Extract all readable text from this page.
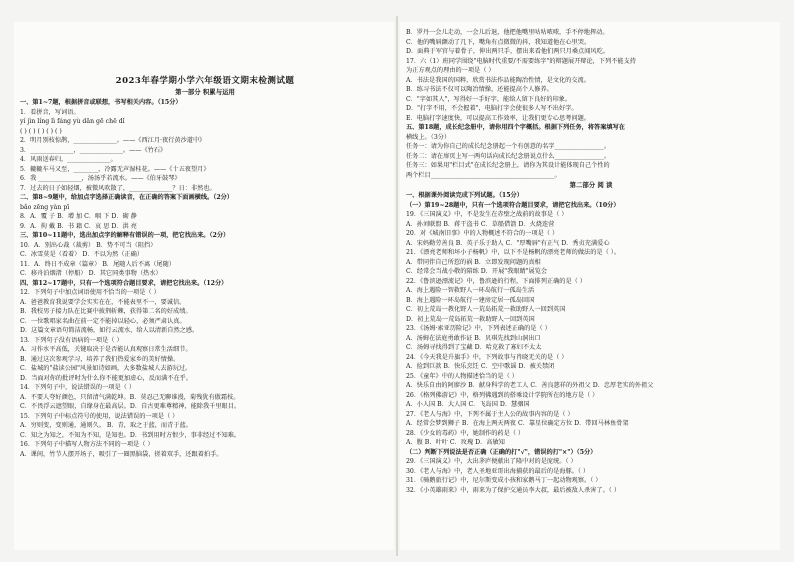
2023年春学期小学六年级语文期末检测试题
第一部分 积累与运用
一、第1~7题，根据拼音或联想，书写相关内容。（15分）
1．看拼音，写词语。
yí jìn líng lì fáng yù dān gē chē dǐ
( ) ( ) ( ) ( ) ( )
2．明月别枝惊鹊，______________。——《西江月·夜行黄沙道中》
3．______________，______________。——《竹石》
4．风雨送春归，______________。
5．辘辘车马又至，________，冷露无声湿桂花。——《十五夜望月》
6．我 ______________，汤汤乎若流水。——《伯牙鼓琴》
7．过去的日子如轻烟，被微风吹散了，______________？日：非然也。
二、第8~9题中，给加点字选择正确读音，在正确的答案下面画横线。（2分）
bǎo zēng yàn pī
8．A．覆 子 B．增 加 C．咽 下 D．砌 静
9．A．拘 戴 B．书 籍 C．哀 思 D．洪 亮
三、第10~11题中，选出加点字的解释有错误的一项，把它找出来。（2分）
10．A．别出心裁（裁剪） B．势不可当（阻挡）
C．冰雪莫是（看着） D．不以为然（正确）
11．A．终日不成章（篇章） B．尾随人后不离（尾随）
C．移舟泊烟渚（停船） D．其它同类事物（热水）
四、第12~17题中，只有一个选项符合题目要求，请把它找出来。（12分）
12．下列句子中加点词语使用不恰当的一项是（ ）
A．爸爸教育我说要学会实实在在，不能表里不一，要诚信。
B．我校男子接力队在比赛中披荆斩棘，获得第二名的好成绩。
C．一位歌唱家名曲在前一定不能掉以轻心，必须严肃认真。
D．这篇文章语句简洁流畅，如行云流水，给人以清新自然之感。
13．下列句子没有语病的一项是（ ）
A．习作水平高低，关键取决于是否能认真观察日常生活细节。
B．通过这次参观学习，培养了我们热爱家乡的美好情操。
C．盐城的"盐读公园"风景如诗如画，大多数盐城人去游玩过。
D．当面对你的批评时为什么你不能更加虚心，反而满不在乎。
14．下列句子中，说法错误的一项是（ ）
A．不要人夸好颜色，只留清气满乾坤。B．莫忍己无聊谁漫，菊残犹有傲霜枝。
C．不畏浮云遮望眼，自缘身在最高层。D．自古更难尊精神，能除我千里眼目。
15．下列句子中标点符号的使用，说法错误的一项是（ ）
A．穷则变，变则通，通则久。 B．青，取之于蓝，而青于蓝。
C．知之为知之，不知为不知，是知也。D．书到用时方恨少，事非经过不知难。
16．下列句子中描写人物方法不同的一项是（ ）
A．课间，竹节人摆开场子，吸引了一圈黑脑袋，搓着双手，还跟着拍手。
B．罗丹一会儿走动，一会儿后退，他把他嘴里咕咕哝哝，手不停地挥动。
C．他的嘴唇颤动了几下，嘴角有点微微的抖，我知道他在心里哭。
D．面典于军官与着骨子，伸出两只手，摆出来看他们两只月桑点闻风吃。
17．六（1）班同学围绕"电脑时代重要/不需要练字"的辩题展开辩论，下列不能支持
为正方观点的理由的一项是（ ）
A．书法是我国的国粹，欣赏书法作品能陶冶性情，是文化的交流。
B．练习书法不仅可以陶冶情操，还能提高个人修养。
C．"字如其人"，写得好一手好字，能给人留下良好的印象。
D．"打字不用，不会握着"，电脑打字会使很多人写不出好字。
E．电脑打字速度快，可以提高工作效率，让我们更专心思考问题。
五、第18题，成长纪念册中，请你用四个字概括。根据下列任务，将答案填写在
横线上。（3分）
任务一：请为你自己的成长纪念册起一个有创意的名字________________。
任务二：请在扉页上写一两句话向成长纪念册说点什么________________。
任务三：如果用"栏目式"在成长纪念册上，请你为其设计能体现自己个性的
两个栏目________________________________________。
第二部分 阅 读
一、根据课外阅读完成下列试题。（15分）
（一）第19~28题中，只有一个选项符合题目要求，请把它找出来。（10分）
19．《三国演义》中，不是发生在赤壁之战前的故事是（ ）
A．孙刘联盟 B．蒋干盗书 C．草船借箭 D．火烧连营
20．对《城南旧事》中的人物概述不符合的一项是（ ）
A．宋妈勤劳善良 B．英子乐于助人 C．"厚嘴唇"有正气 D．秀贞充满爱心
21．《漂亮老师和坏小子杨帆》中，以下不是杨帆的漂亮老师的做法的是（ ）。
A．带同伴自己所惹的祸 B．立即发现问题的真相
C．经常会当战小敬的陪练 D．开展"我眼睛"展览会
22．《鲁滨逊漂流记》中，鲁滨逊的行程，下面排列正确的是（ ）
A．海上遇险一智救野人一环岛航行一孤岛生活
B．海上遇险一环岛航行一建房定居一孤岛回国
C．初上荒岛一教化野人一荒岛拓荒一救助野人一回到英国
D．初上荒岛一荒岛拓荒一救助野人一回到英国
23．《汤姆·索亚历险记》中，下列表述正确的是（ ）
A．汤姆在法庭勇敢作证 B．贝琪先找到山洞出口
C．汤姆寻找得到了宝藏 D．哈克救了寡妇不太太
24．《今天我是升旗手》中，下列故事与肖晓无关的是（ ）
A．捡到巨款 B．快乐烹饪 C．空中歌谣 D．被关禁闭
25．《童年》中的人物描述恰当的是（ ）
A．快乐自由的阿廖沙 B．献身科学的老工人 C．善良慈祥的外祖父 D．忠厚老实的外祖父
26．《格列佛游记》中，格列佛遇到的搭乘设计学院所在的地方是（ ）
A．小人国 B．大人国 C．飞岛国 D．慧骃国
27．《老人与海》中，下列不属于主人公的故事内容的是（ ）
A．经常会梦到狮子 B．在海上两天两夜 C．靠星位确定方位 D．带回马林鱼骨架
28．《少女的毒药》中，她制作的药是（ ）
A．腹 B．叶叶 C．玫瑰 D．高敏知
（二）判断下列说法是否正确（正确的打"√"，错误的打"×"）（5分）
29．《三国演义》中，大出茅庐便献出了隆中对的是庞统。（ ）
30．《老人与海》中，老人圣地亚哥出海捕获的最后的是海豚。（ ）
31．《骑鹅旅行记》中，尼尔斯变成小孩和家鹅马丁一起动物观察。（ ）
32．《小英雄雨来》中，雨来为了保护交通员李大叔，最后被敌人杀害了。（ ）
